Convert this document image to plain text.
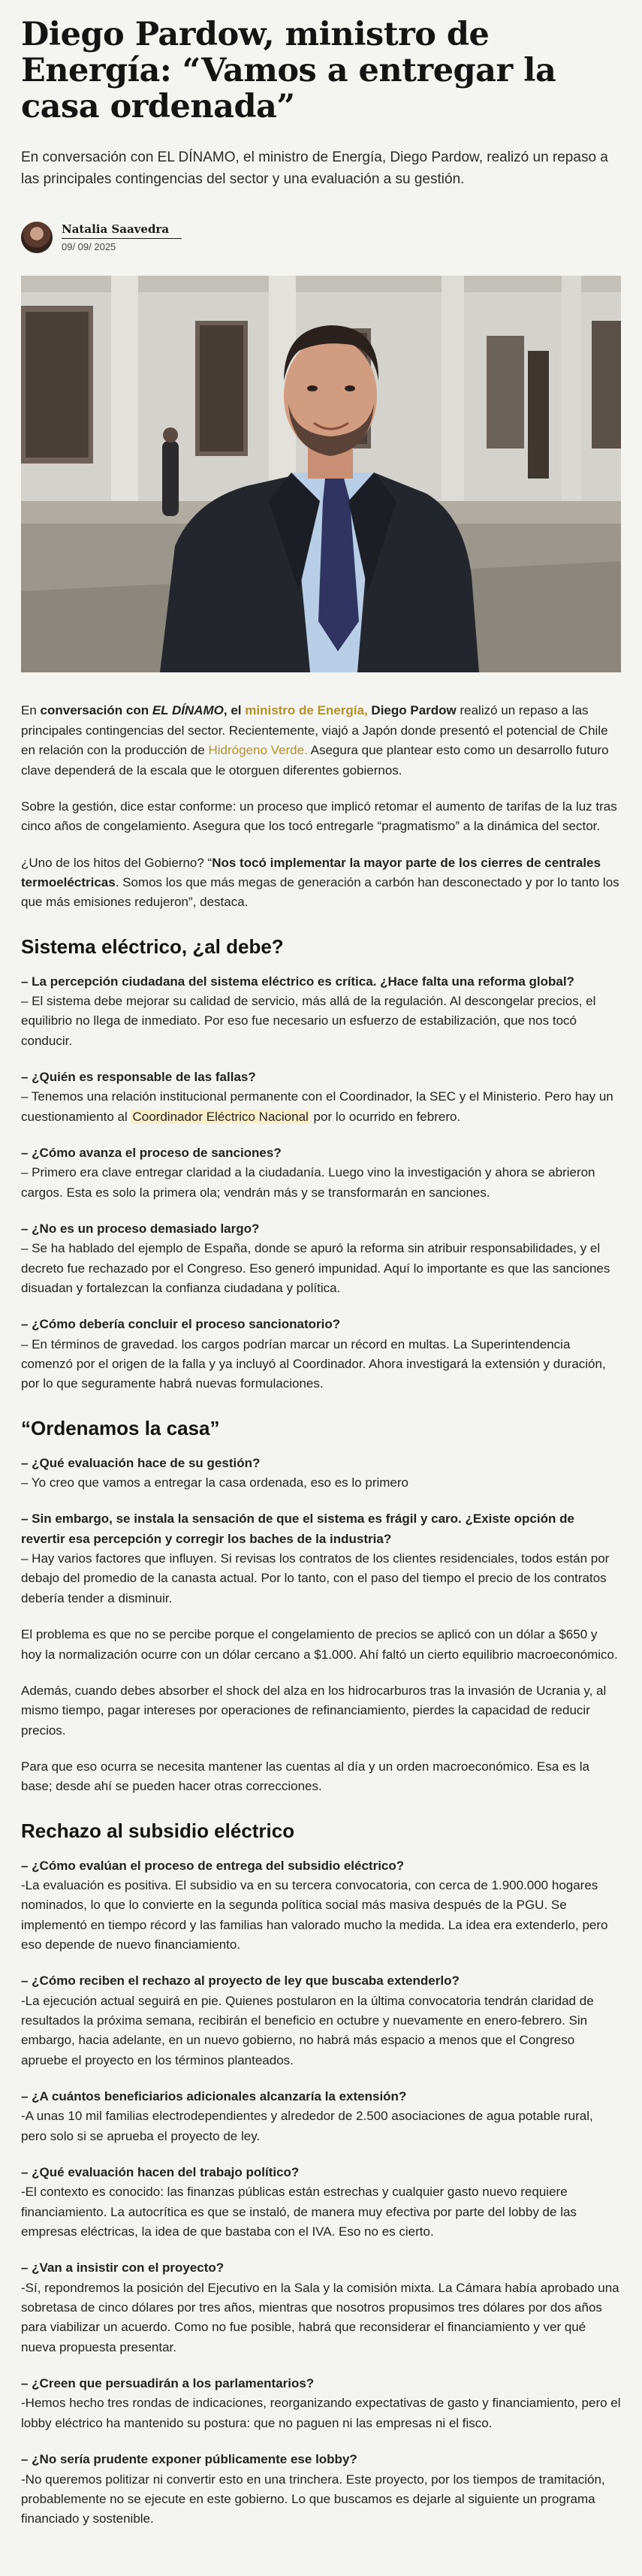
Diego Pardow, ministro de Energía: “Vamos a entregar la casa ordenada”

En conversación con EL DÍNAMO, el ministro de Energía, Diego Pardow, realizó un repaso a las principales contingencias del sector y una evaluación a su gestión.

Natalia Saavedra
09/ 09/ 2025

En conversación con EL DÍNAMO, el ministro de Energía, Diego Pardow realizó un repaso a las principales contingencias del sector. Recientemente, viajó a Japón donde presentó el potencial de Chile en relación con la producción de Hidrógeno Verde. Asegura que plantear esto como un desarrollo futuro clave dependerá de la escala que le otorguen diferentes gobiernos.

Sobre la gestión, dice estar conforme: un proceso que implicó retomar el aumento de tarifas de la luz tras cinco años de congelamiento. Asegura que los tocó entregarle “pragmatismo” a la dinámica del sector.

¿Uno de los hitos del Gobierno? “Nos tocó implementar la mayor parte de los cierres de centrales termoeléctricas. Somos los que más megas de generación a carbón han desconectado y por lo tanto los que más emisiones redujeron”, destaca.

Sistema eléctrico, ¿al debe?
– La percepción ciudadana del sistema eléctrico es crítica. ¿Hace falta una reforma global?
– El sistema debe mejorar su calidad de servicio, más allá de la regulación. Al descongelar precios, el equilibrio no llega de inmediato. Por eso fue necesario un esfuerzo de estabilización, que nos tocó conducir.
– ¿Quién es responsable de las fallas?
– Tenemos una relación institucional permanente con el Coordinador, la SEC y el Ministerio. Pero hay un cuestionamiento al Coordinador Eléctrico Nacional por lo ocurrido en febrero.
– ¿Cómo avanza el proceso de sanciones?
– Primero era clave entregar claridad a la ciudadanía. Luego vino la investigación y ahora se abrieron cargos. Esta es solo la primera ola; vendrán más y se transformarán en sanciones.
– ¿No es un proceso demasiado largo?
– Se ha hablado del ejemplo de España, donde se apuró la reforma sin atribuir responsabilidades, y el decreto fue rechazado por el Congreso. Eso generó impunidad. Aquí lo importante es que las sanciones disuadan y fortalezcan la confianza ciudadana y política.
– ¿Cómo debería concluir el proceso sancionatorio?
– En términos de gravedad. los cargos podrían marcar un récord en multas. La Superintendencia comenzó por el origen de la falla y ya incluyó al Coordinador. Ahora investigará la extensión y duración, por lo que seguramente habrá nuevas formulaciones.
“Ordenamos la casa”
– ¿Qué evaluación hace de su gestión?
– Yo creo que vamos a entregar la casa ordenada, eso es lo primero
– Sin embargo, se instala la sensación de que el sistema es frágil y caro. ¿Existe opción de revertir esa percepción y corregir los baches de la industria?
– Hay varios factores que influyen. Si revisas los contratos de los clientes residenciales, todos están por debajo del promedio de la canasta actual. Por lo tanto, con el paso del tiempo el precio de los contratos debería tender a disminuir.

El problema es que no se percibe porque el congelamiento de precios se aplicó con un dólar a $650 y hoy la normalización ocurre con un dólar cercano a $1.000. Ahí faltó un cierto equilibrio macroeconómico.

Además, cuando debes absorber el shock del alza en los hidrocarburos tras la invasión de Ucrania y, al mismo tiempo, pagar intereses por operaciones de refinanciamiento, pierdes la capacidad de reducir precios.

Para que eso ocurra se necesita mantener las cuentas al día y un orden macroeconómico. Esa es la base; desde ahí se pueden hacer otras correcciones.

Rechazo al subsidio eléctrico
– ¿Cómo evalúan el proceso de entrega del subsidio eléctrico?
-La evaluación es positiva. El subsidio va en su tercera convocatoria, con cerca de 1.900.000 hogares nominados, lo que lo convierte en la segunda política social más masiva después de la PGU. Se implementó en tiempo récord y las familias han valorado mucho la medida. La idea era extenderlo, pero eso depende de nuevo financiamiento.
– ¿Cómo reciben el rechazo al proyecto de ley que buscaba extenderlo?
-La ejecución actual seguirá en pie. Quienes postularon en la última convocatoria tendrán claridad de resultados la próxima semana, recibirán el beneficio en octubre y nuevamente en enero-febrero. Sin embargo, hacia adelante, en un nuevo gobierno, no habrá más espacio a menos que el Congreso apruebe el proyecto en los términos planteados.
– ¿A cuántos beneficiarios adicionales alcanzaría la extensión?
-A unas 10 mil familias electrodependientes y alrededor de 2.500 asociaciones de agua potable rural, pero solo si se aprueba el proyecto de ley.
– ¿Qué evaluación hacen del trabajo político?
-El contexto es conocido: las finanzas públicas están estrechas y cualquier gasto nuevo requiere financiamiento. La autocrítica es que se instaló, de manera muy efectiva por parte del lobby de las empresas eléctricas, la idea de que bastaba con el IVA. Eso no es cierto.
– ¿Van a insistir con el proyecto?
-Sí, repondremos la posición del Ejecutivo en la Sala y la comisión mixta. La Cámara había aprobado una sobretasa de cinco dólares por tres años, mientras que nosotros propusimos tres dólares por dos años para viabilizar un acuerdo. Como no fue posible, habrá que reconsiderar el financiamiento y ver qué nueva propuesta presentar.
– ¿Creen que persuadirán a los parlamentarios?
-Hemos hecho tres rondas de indicaciones, reorganizando expectativas de gasto y financiamiento, pero el lobby eléctrico ha mantenido su postura: que no paguen ni las empresas ni el fisco.
– ¿No sería prudente exponer públicamente ese lobby?
-No queremos politizar ni convertir esto en una trinchera. Este proyecto, por los tiempos de tramitación, probablemente no se ejecute en este gobierno. Lo que buscamos es dejarle al siguiente un programa financiado y sostenible.
